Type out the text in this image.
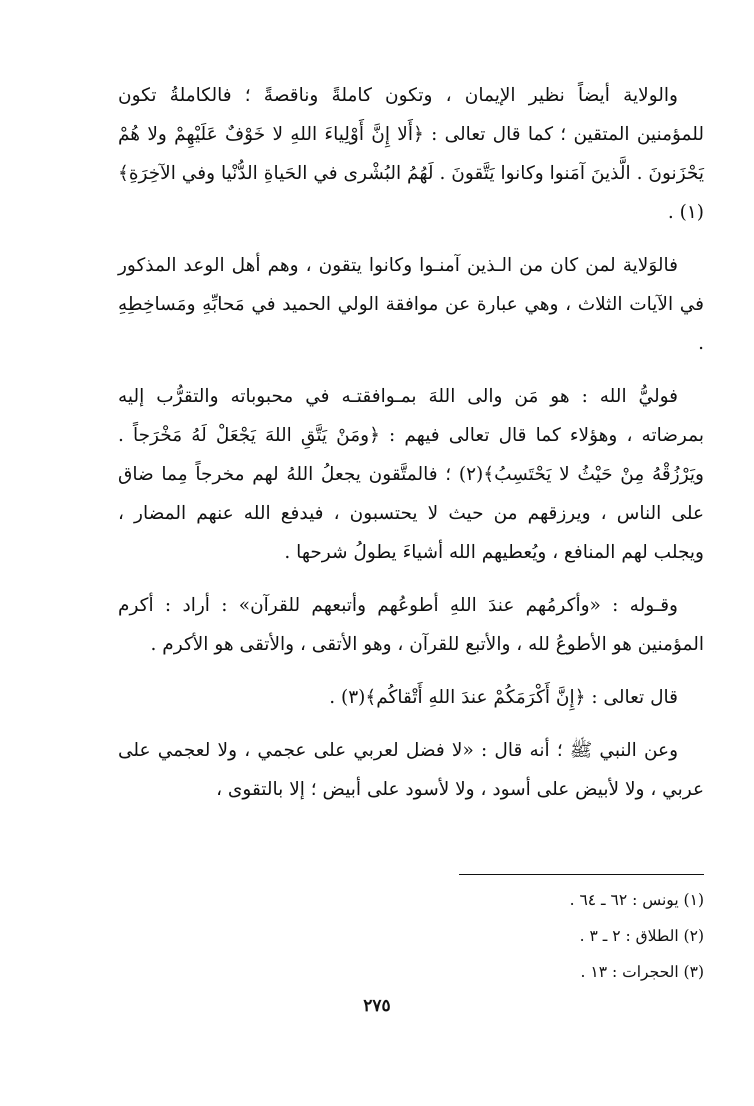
والولاية أيضاً نظير الإيمان ، وتكون كاملةً وناقصةً ؛ فالكاملةُ تكون للمؤمنين المتقين ؛ كما قال تعالى : ﴿أَلا إِنَّ أَوْلِياءَ اللهِ لا خَوْفٌ عَلَيْهِمْ ولا هُمْ يَحْزَنونَ . الَّذينَ آمَنوا وكانوا يَتَّقونَ . لَهُمُ البُشْرى في الحَياةِ الدُّنْيا وفي الآخِرَةِ﴾(١) .

فالوَلاية لمن كان من الـذين آمنـوا وكانوا يتقون ، وهم أهل الوعد المذكور في الآيات الثلاث ، وهي عبارة عن موافقة الولي الحميد في مَحابِّهِ ومَساخِطِهِ .

فوليُّ الله : هو مَن والى اللهَ بمـوافقتـه في محبوباته والتقرُّب إليه بمرضاته ، وهؤلاء كما قال تعالى فيهم : ﴿ومَنْ يَتَّقِ اللهَ يَجْعَلْ لَهُ مَخْرَجاً . ويَرْزُقْهُ مِنْ حَيْثُ لا يَحْتَسِبُ﴾(٢) ؛ فالمتَّقون يجعلُ اللهُ لهم مخرجاً مِما ضاق على الناس ، ويرزقهم من حيث لا يحتسبون ، فيدفع الله عنهم المضار ، ويجلب لهم المنافع ، ويُعطيهم الله أشياءَ يطولُ شرحها .

وقـوله : «وأكرمُهم عندَ اللهِ أطوعُهم وأتبعهم للقرآن» : أراد : أكرم المؤمنين هو الأطوعُ لله ، والأتبع للقرآن ، وهو الأتقى ، والأتقى هو الأكرم .

قال تعالى : ﴿إِنَّ أَكْرَمَكُمْ عندَ اللهِ أَتْقاكُم﴾(٣) .

وعن النبي ﷺ ؛ أنه قال : «لا فضل لعربي على عجمي ، ولا لعجمي على عربي ، ولا لأبيض على أسود ، ولا لأسود على أبيض ؛ إلا بالتقوى ،

(١) يونس : ٦٢ ـ ٦٤ .
(٢) الطلاق : ٢ ـ ٣ .
(٣) الحجرات : ١٣ .
٢٧٥
